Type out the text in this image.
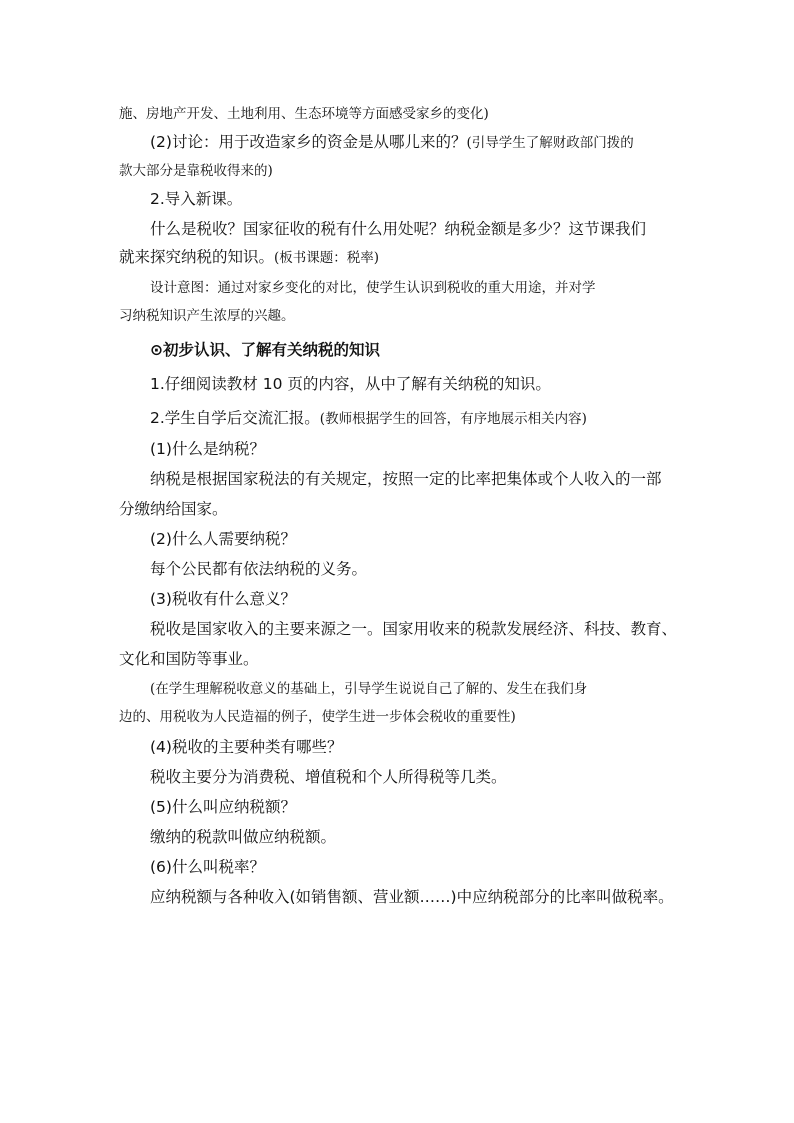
施、房地产开发、土地利用、生态环境等方面感受家乡的变化)
(2)讨论：用于改造家乡的资金是从哪儿来的？(引导学生了解财政部门拨的
款大部分是靠税收得来的)
2.导入新课。
什么是税收？国家征收的税有什么用处呢？纳税金额是多少？这节课我们
就来探究纳税的知识。(板书课题：税率)
设计意图：通过对家乡变化的对比，使学生认识到税收的重大用途，并对学
习纳税知识产生浓厚的兴趣。
⊙初步认识、了解有关纳税的知识
1.仔细阅读教材 10 页的内容，从中了解有关纳税的知识。
2.学生自学后交流汇报。(教师根据学生的回答，有序地展示相关内容)
(1)什么是纳税？
纳税是根据国家税法的有关规定，按照一定的比率把集体或个人收入的一部
分缴纳给国家。
(2)什么人需要纳税？
每个公民都有依法纳税的义务。
(3)税收有什么意义？
税收是国家收入的主要来源之一。国家用收来的税款发展经济、科技、教育、
文化和国防等事业。
(在学生理解税收意义的基础上，引导学生说说自己了解的、发生在我们身
边的、用税收为人民造福的例子，使学生进一步体会税收的重要性)
(4)税收的主要种类有哪些？
税收主要分为消费税、增值税和个人所得税等几类。
(5)什么叫应纳税额？
缴纳的税款叫做应纳税额。
(6)什么叫税率？
应纳税额与各种收入(如销售额、营业额……)中应纳税部分的比率叫做税率。
